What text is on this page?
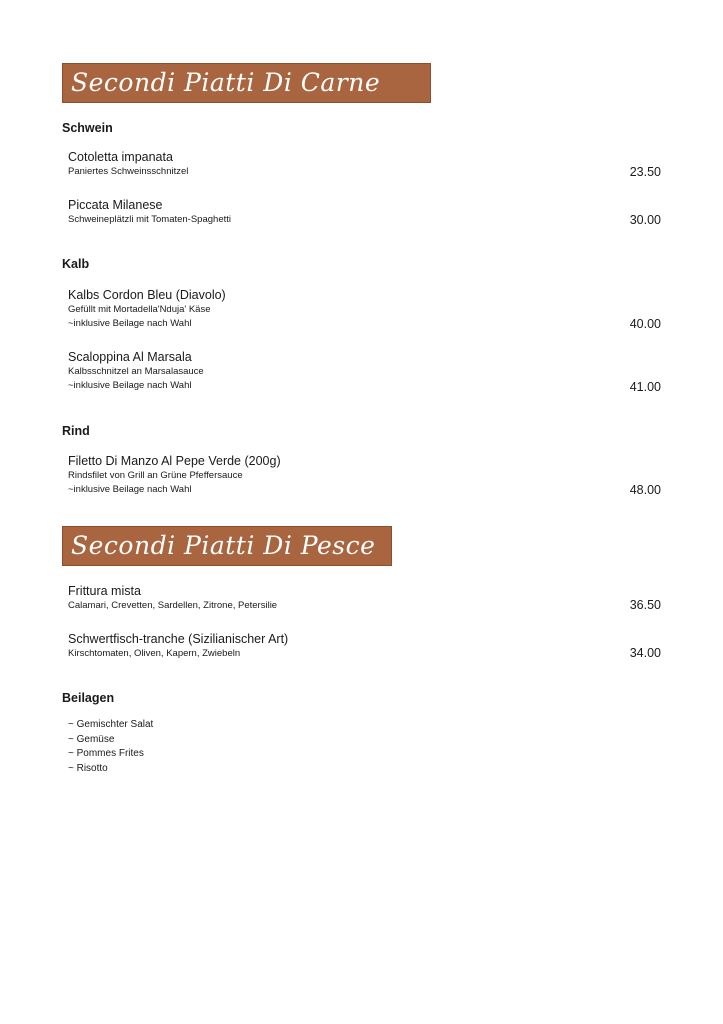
Secondi Piatti Di Carne
Schwein
Cotoletta impanata
Paniertes Schweinsschnitzel	23.50
Piccata Milanese
Schweineplätzli mit Tomaten-Spaghetti	30.00
Kalb
Kalbs Cordon Bleu (Diavolo)
Gefüllt mit Mortadella'Nduja' Käse
~inklusive Beilage nach Wahl	40.00
Scaloppina Al Marsala
Kalbsschnitzel an Marsalasauce
~inklusive Beilage nach Wahl	41.00
Rind
Filetto Di Manzo Al Pepe Verde (200g)
Rindsfilet von Grill an Grüne Pfeffersauce
~inklusive Beilage nach Wahl	48.00
Secondi Piatti Di Pesce
Frittura mista
Calamari, Crevetten, Sardellen, Zitrone, Petersilie	36.50
Schwertfisch-tranche (Sizilianischer Art)
Kirschtomaten, Oliven, Kapern, Zwiebeln	34.00
Beilagen
~ Gemischter Salat
~ Gemüse
~ Pommes Frites
~ Risotto
